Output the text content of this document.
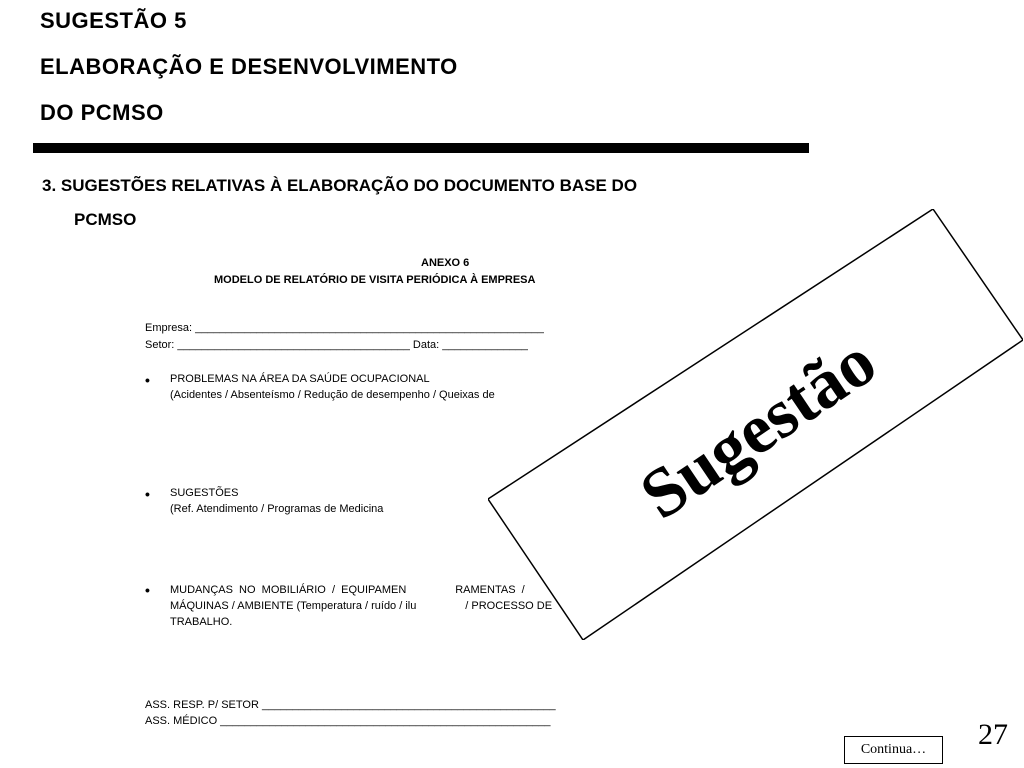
SUGESTÃO 5
ELABORAÇÃO E DESENVOLVIMENTO
DO PCMSO
3. SUGESTÕES RELATIVAS À ELABORAÇÃO DO DOCUMENTO BASE DO
PCMSO
ANEXO 6
MODELO DE RELATÓRIO DE VISITA PERIÓDICA À EMPRESA
Empresa: _________________________________________________________
Setor: ______________________________________ Data: ______________
• PROBLEMAS NA ÁREA DA SAÚDE OCUPACIONAL
(Acidentes / Absenteísmo / Redução de desempenho / Queixas de
• SUGESTÕES
(Ref. Atendimento / Programas de Medicina
• MUDANÇAS  NO  MOBILIÁRIO  /  EQUIPAMEN                RAMENTAS  /
MÁQUINAS / AMBIENTE (Temperatura / ruído / ilu                / PROCESSO DE
TRABALHO.
ASS. RESP. P/ SETOR ________________________________________________
ASS. MÉDICO ______________________________________________________
Sugestão
Continua…	27
